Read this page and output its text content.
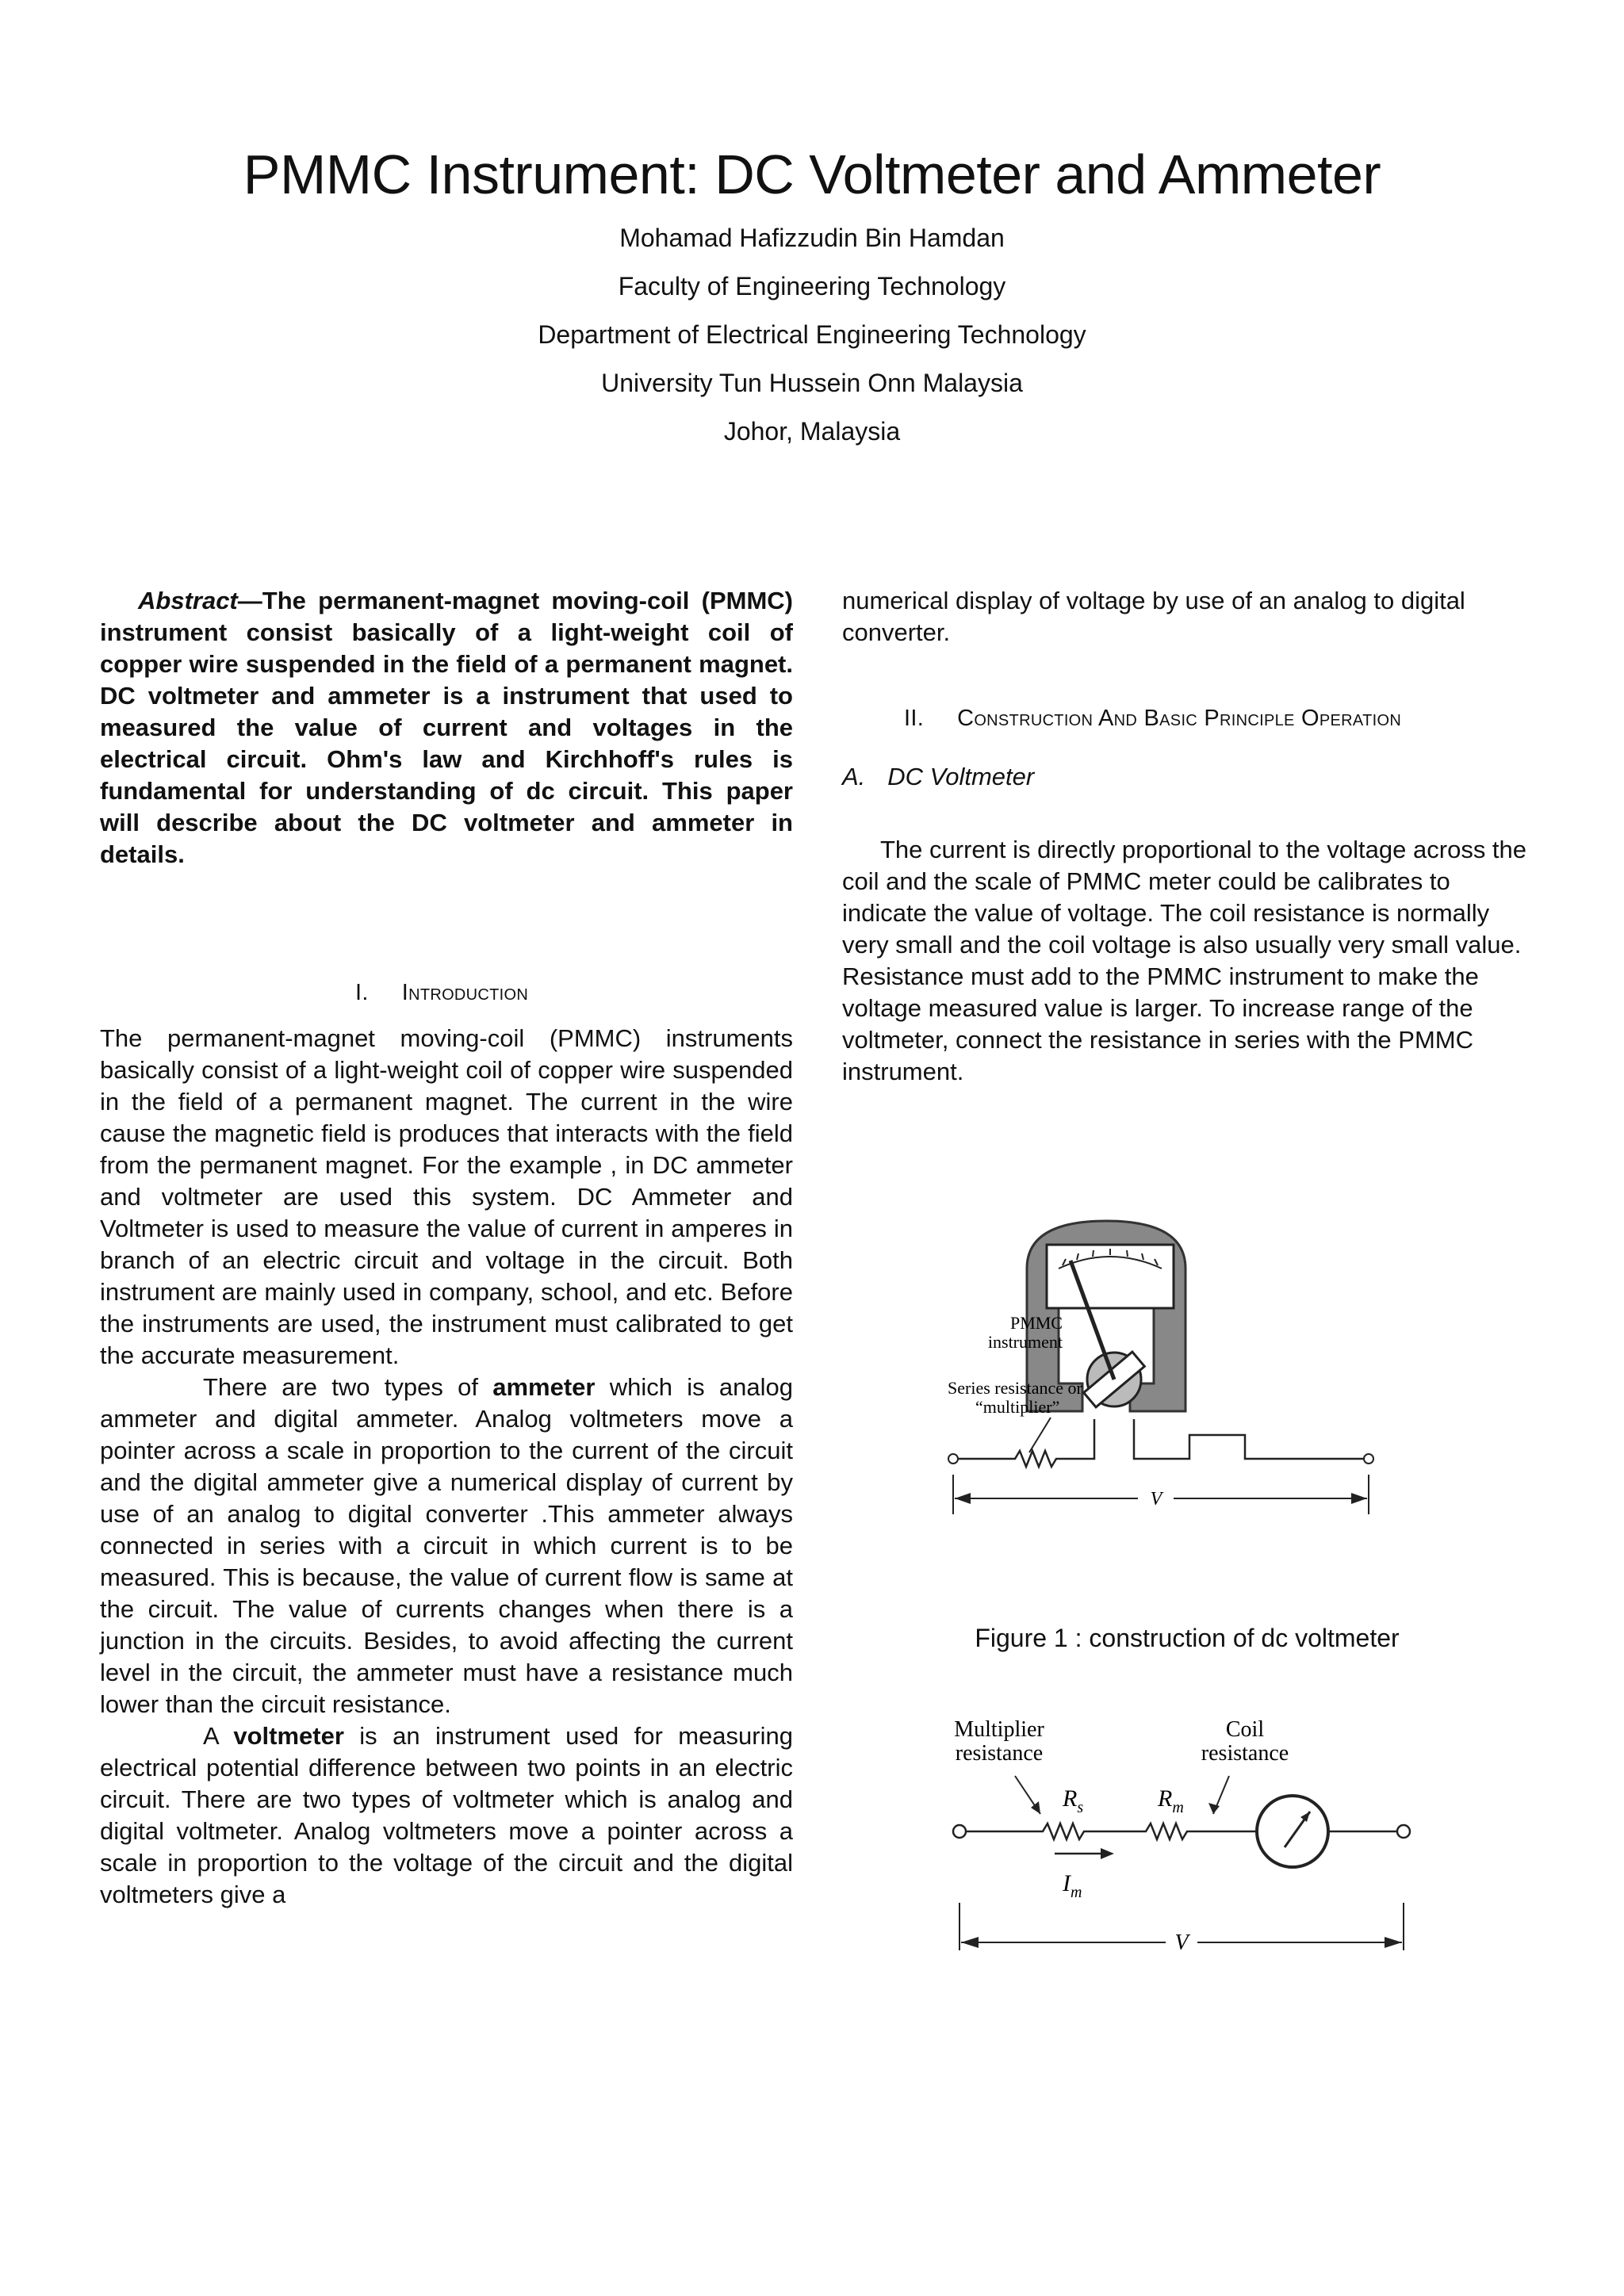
PMMC Instrument: DC Voltmeter and Ammeter
Mohamad Hafizzudin Bin Hamdan
Faculty of Engineering Technology
Department of Electrical Engineering Technology
University Tun Hussein Onn Malaysia
Johor, Malaysia
Abstract—The permanent-magnet moving-coil (PMMC) instrument consist basically of a light-weight coil of copper wire suspended in the field of a permanent magnet. DC voltmeter and ammeter is a instrument that used to measured the value of current and voltages in the electrical circuit. Ohm's law and Kirchhoff's rules is fundamental for understanding of dc circuit. This paper will describe about the DC voltmeter and ammeter in details.
I. Introduction
The permanent-magnet moving-coil (PMMC) instruments basically consist of a light-weight coil of copper wire suspended in the field of a permanent magnet. The current in the wire cause the magnetic field is produces that interacts with the field from the permanent magnet. For the example , in DC ammeter and voltmeter are used this system. DC Ammeter and Voltmeter is used to measure the value of current in amperes in branch of an electric circuit and voltage in the circuit. Both instrument are mainly used in company, school, and etc. Before the instruments are used, the instrument must calibrated to get the accurate measurement.
There are two types of ammeter which is analog ammeter and digital ammeter. Analog voltmeters move a pointer across a scale in proportion to the current of the circuit and the digital ammeter give a numerical display of current by use of an analog to digital converter .This ammeter always connected in series with a circuit in which current is to be measured. This is because, the value of current flow is same at the circuit. The value of currents changes when there is a junction in the circuits. Besides, to avoid affecting the current level in the circuit, the ammeter must have a resistance much lower than the circuit resistance.
A voltmeter is an instrument used for measuring electrical potential difference between two points in an electric circuit. There are two types of voltmeter which is analog and digital voltmeter. Analog voltmeters move a pointer across a scale in proportion to the voltage of the circuit and the digital voltmeters give a
numerical display of voltage by use of an analog to digital converter.
II. Construction And Basic Principle Operation
A. DC Voltmeter
The current is directly proportional to the voltage across the coil and the scale of PMMC meter could be calibrates to indicate the value of voltage. The coil resistance is normally very small and the coil voltage is also usually very small value. Resistance must add to the PMMC instrument to make the voltage measured value is larger. To increase range of the voltmeter, connect the resistance in series with the PMMC instrument.
PMMC
instrument
Series resistance or
“multiplier”
V
Figure 1 : construction of dc voltmeter
Multiplier
resistance
Coil
resistance
$R_s$	$R_m$
$I_m$
V
